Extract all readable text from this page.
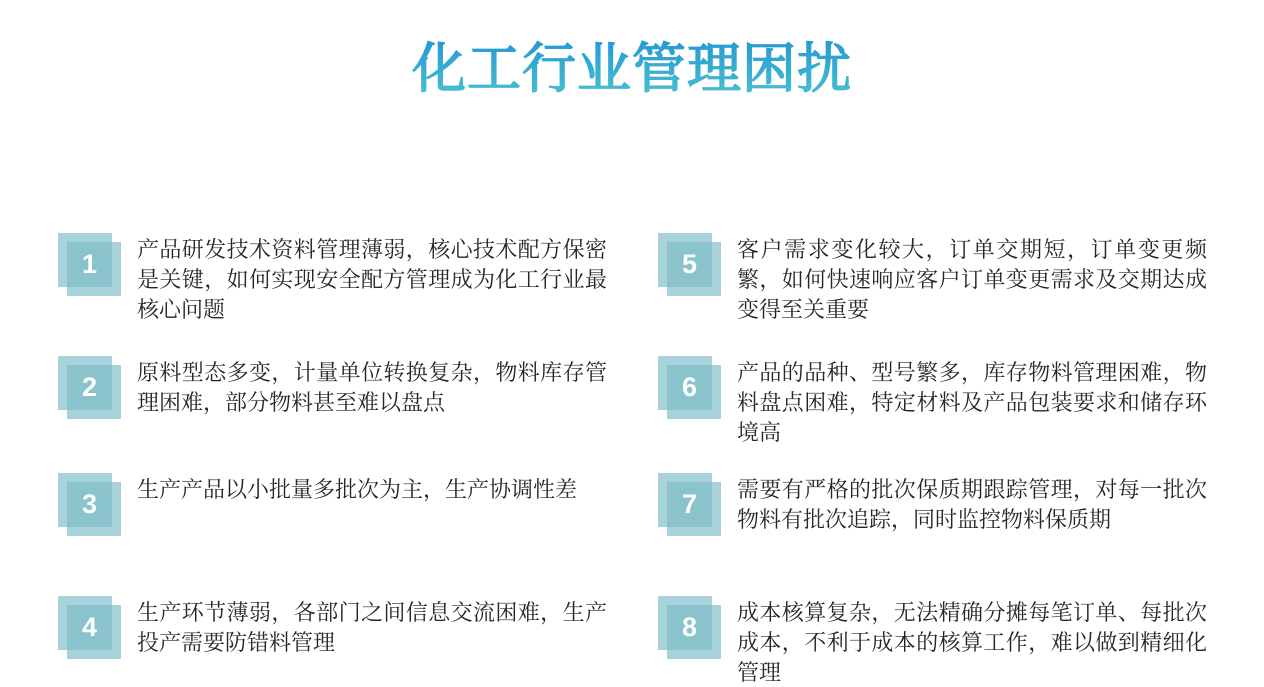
化工行业管理困扰
1	产品研发技术资料管理薄弱，核心技术配方保密是关键，如何实现安全配方管理成为化工行业最核心问题
2	原料型态多变，计量单位转换复杂，物料库存管理困难，部分物料甚至难以盘点
3	生产产品以小批量多批次为主，生产协调性差
4	生产环节薄弱，各部门之间信息交流困难，生产投产需要防错料管理
5	客户需求变化较大，订单交期短，订单变更频繁，如何快速响应客户订单变更需求及交期达成变得至关重要
6	产品的品种、型号繁多，库存物料管理困难，物料盘点困难，特定材料及产品包装要求和储存环境高
7	需要有严格的批次保质期跟踪管理，对每一批次物料有批次追踪，同时监控物料保质期
8	成本核算复杂，无法精确分摊每笔订单、每批次成本，不利于成本的核算工作，难以做到精细化管理
